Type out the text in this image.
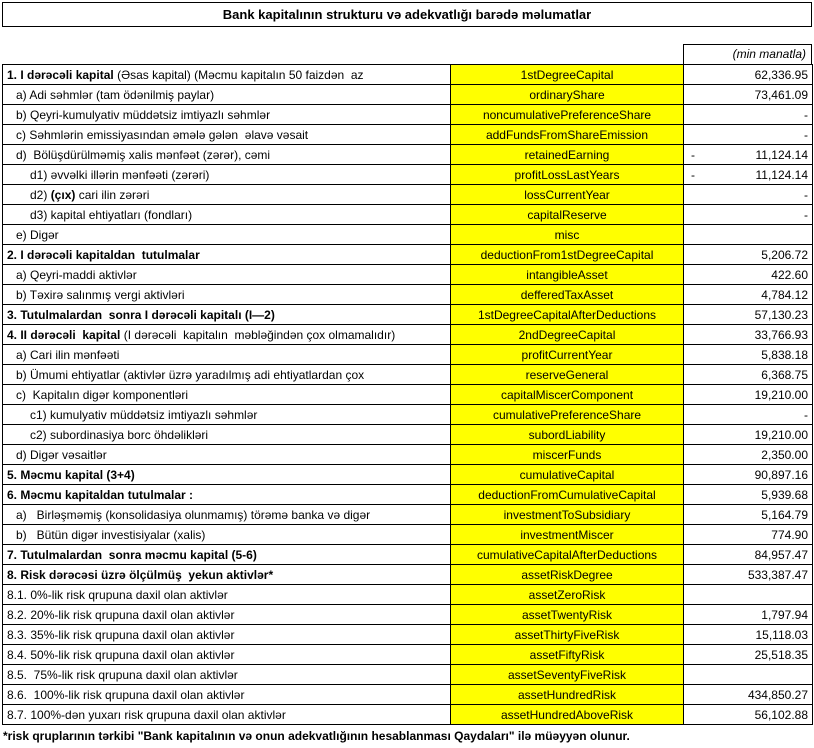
Bank kapitalının strukturu və adekvatlığı barədə məlumatlar
(min manatla)
1. I dərəcəli kapital (Əsas kapital) (Məcmu kapitalın 50 faizdən  az	1stDegreeCapital	62,336.95
a) Adi səhmlər (tam ödənilmiş paylar)	ordinaryShare	73,461.09
b) Qeyri-kumulyativ müddətsiz imtiyazlı səhmlər	noncumulativePreferenceShare	-
c) Səhmlərin emissiyasından əmələ gələn  əlavə vəsait	addFundsFromShareEmission	-
d)  Bölüşdürülməmiş xalis mənfəət (zərər), cəmi	retainedEarning	- 11,124.14
d1) əvvəlki illərin mənfəəti (zərəri)	profitLossLastYears	- 11,124.14
d2) (çıx) cari ilin zərəri	lossCurrentYear	-
d3) kapital ehtiyatları (fondları)	capitalReserve	-
e) Digər	misc	

2. I dərəcəli kapitaldan  tutulmalar	deductionFrom1stDegreeCapital	5,206.72
a) Qeyri-maddi aktivlər	intangibleAsset	422.60
b) Təxirə salınmış vergi aktivləri	defferedTaxAsset	4,784.12
3. Tutulmalardan  sonra I dərəcəli kapitalı (I—2)	1stDegreeCapitalAfterDeductions	57,130.23
4. II dərəcəli  kapital (I dərəcəli  kapitalın  məbləğindən çox olmamalıdır)	2ndDegreeCapital	33,766.93
a) Cari ilin mənfəəti	profitCurrentYear	5,838.18
b) Ümumi ehtiyatlar (aktivlər üzrə yaradılmış adi ehtiyatlardan çox	reserveGeneral	6,368.75
c)  Kapitalın digər komponentləri	capitalMiscerComponent	19,210.00
c1) kumulyativ müddətsiz imtiyazlı səhmlər	cumulativePreferenceShare	-
c2) subordinasiya borc öhdəlikləri	subordLiability	19,210.00
d) Digər vəsaitlər	miscerFunds	2,350.00
5. Məcmu kapital (3+4)	cumulativeCapital	90,897.16
6. Məcmu kapitaldan tutulmalar :	deductionFromCumulativeCapital	5,939.68
a)   Birləşməmiş (konsolidasiya olunmamış) törəmə banka və digər	investmentToSubsidiary	5,164.79
b)   Bütün digər investisiyalar (xalis)	investmentMiscer	774.90
7. Tutulmalardan  sonra məcmu kapital (5-6)	cumulativeCapitalAfterDeductions	84,957.47
8. Risk dərəcəsi üzrə ölçülmüş  yekun aktivlər*	assetRiskDegree	533,387.47
8.1. 0%-lik risk qrupuna daxil olan aktivlər	assetZeroRisk	

8.2. 20%-lik risk qrupuna daxil olan aktivlər	assetTwentyRisk	1,797.94
8.3. 35%-lik risk qrupuna daxil olan aktivlər	assetThirtyFiveRisk	15,118.03
8.4. 50%-lik risk qrupuna daxil olan aktivlər	assetFiftyRisk	25,518.35
8.5.  75%-lik risk qrupuna daxil olan aktivlər	assetSeventyFiveRisk	

8.6.  100%-lik risk qrupuna daxil olan aktivlər	assetHundredRisk	434,850.27
8.7. 100%-dən yuxarı risk qrupuna daxil olan aktivlər	assetHundredAboveRisk	56,102.88
*risk qruplarının tərkibi "Bank kapitalının və onun adekvatlığının hesablanması Qaydaları" ilə müəyyən olunur.
